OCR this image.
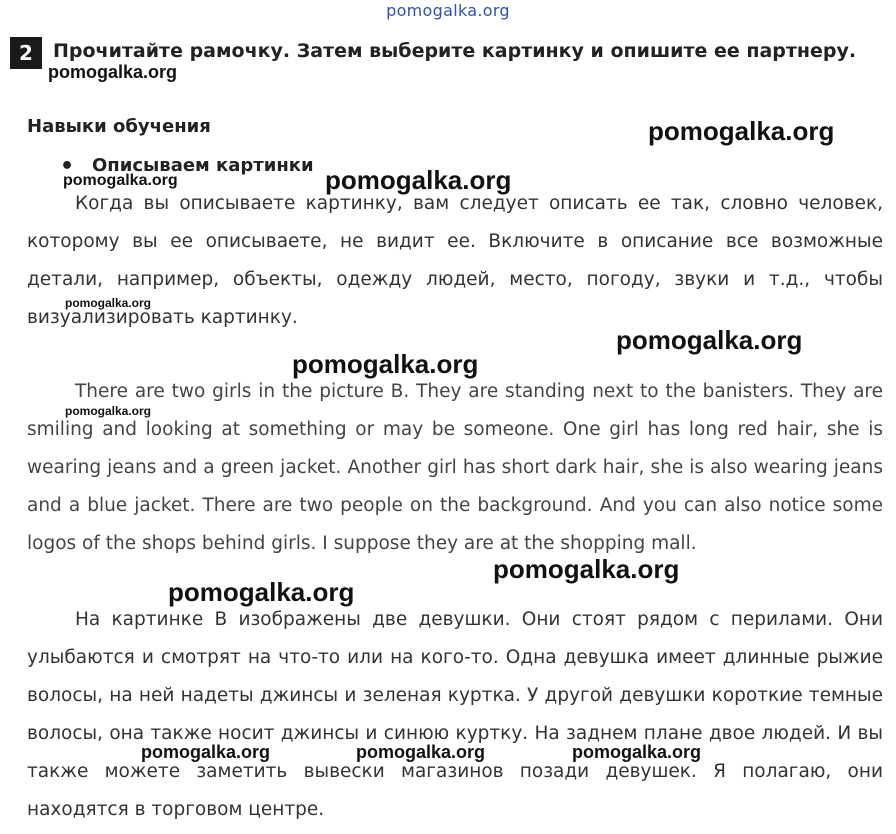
pomogalka.org
2	Прочитайте рамочку. Затем выберите картинку и опишите ее партнеру.
Навыки обучения
• Описываем картинки
Когда вы описываете картинку, вам следует описать ее так, словно человек, которому вы ее описываете, не видит ее. Включите в описание все возможные детали, например, объекты, одежду людей, место, погоду, звуки и т.д., чтобы визуализировать картинку.
There are two girls in the picture B. They are standing next to the banisters. They are smiling and looking at something or may be someone. One girl has long red hair, she is wearing jeans and a green jacket. Another girl has short dark hair, she is also wearing jeans and a blue jacket. There are two people on the background. And you can also notice some logos of the shops behind girls. I suppose they are at the shopping mall.
На картинке В изображены две девушки. Они стоят рядом с перилами. Они улыбаются и смотрят на что-то или на кого-то. Одна девушка имеет длинные рыжие волосы, на ней надеты джинсы и зеленая куртка. У другой девушки короткие темные волосы, она также носит джинсы и синюю куртку. На заднем плане двое людей. И вы также можете заметить вывески магазинов позади девушек. Я полагаю, они находятся в торговом центре.
pomogalka.org
pomogalka.org
pomogalka.org	pomogalka.org
pomogalka.org
pomogalka.org
pomogalka.org
pomogalka.org
pomogalka.org
pomogalka.org
pomogalka.org	pomogalka.org	pomogalka.org
